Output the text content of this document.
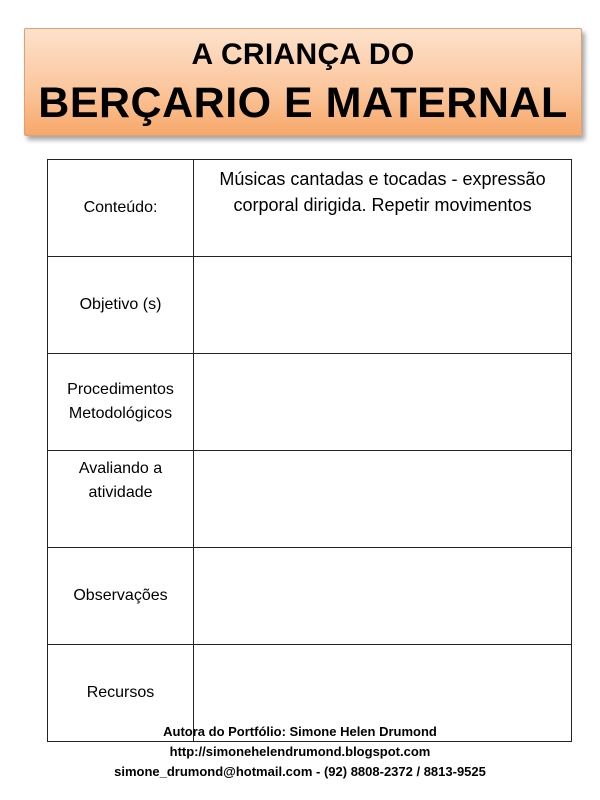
A CRIANÇA DO
BERÇARIO E MATERNAL
Conteúdo:	Músicas cantadas e tocadas - expressão corporal dirigida. Repetir movimentos
Objetivo (s)	
Procedimentos Metodológicos	
Avaliando a atividade	
Observações	
Recursos	
Autora do Portfólio: Simone Helen Drumond
http://simonehelendrumond.blogspot.com
simone_drumond@hotmail.com - (92) 8808-2372 / 8813-9525
